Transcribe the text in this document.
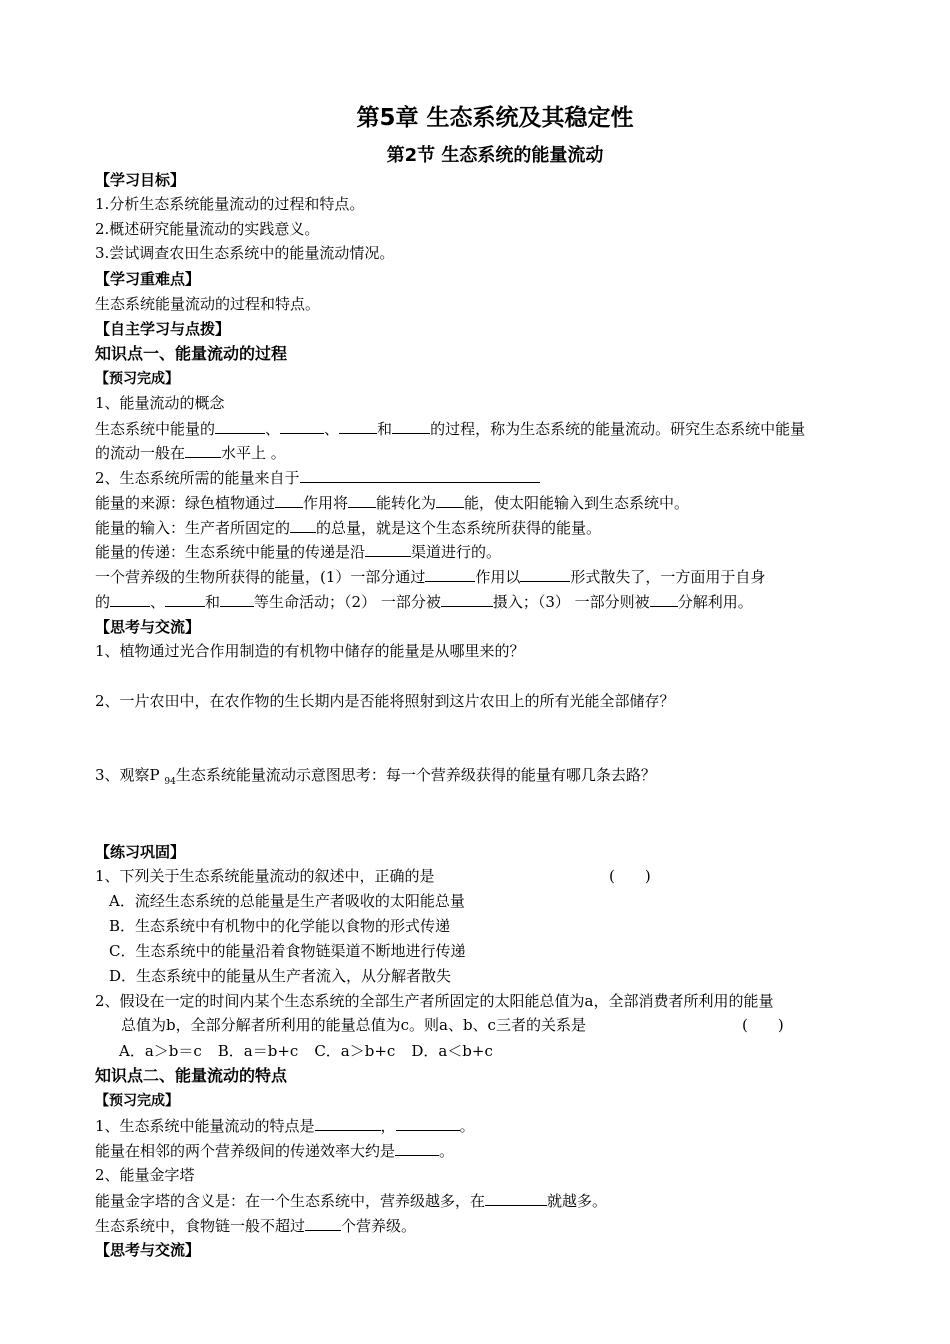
第5章 生态系统及其稳定性
第2节 生态系统的能量流动
【学习目标】
1.分析生态系统能量流动的过程和特点。
2.概述研究能量流动的实践意义。
3.尝试调查农田生态系统中的能量流动情况。
【学习重难点】
生态系统能量流动的过程和特点。
【自主学习与点拨】
知识点一、能量流动的过程
【预习完成】
1、能量流动的概念
生态系统中能量的	、	、	和	的过程，称为生态系统的能量流动。研究生态系统中能量
的流动一般在 水平上 。
2、生态系统所需的能量来自于
能量的来源：绿色植物通过 作用将 能转化为 能，使太阳能输入到生态系统中。
能量的输入：生产者所固定的 的总量，就是这个生态系统所获得的能量。
能量的传递：生态系统中能量的传递是沿	渠道进行的。
一个营养级的生物所获得的能量，(1）一部分通过	作用以	形式散失了，一方面用于自身
的	、	和 等生命活动；（2） 一部分被	摄入；（3） 一部分则被 分解利用。
【思考与交流】
1、植物通过光合作用制造的有机物中储存的能量是从哪里来的？
2、一片农田中，在农作物的生长期内是否能将照射到这片农田上的所有光能全部储存？
3、观察P $_{94}$生态系统能量流动示意图思考：每一个营养级获得的能量有哪几条去路？
【练习巩固】
1、下列关于生态系统能量流动的叙述中，正确的是	(　　)
A．流经生态系统的总能量是生产者吸收的太阳能总量
B．生态系统中有机物中的化学能以食物的形式传递
C．生态系统中的能量沿着食物链渠道不断地进行传递
D．生态系统中的能量从生产者流入，从分解者散失
2、假设在一定的时间内某个生态系统的全部生产者所固定的太阳能总值为a，全部消费者所利用的能量
总值为b，全部分解者所利用的能量总值为c。则a、b、c三者的关系是	(　　)
A．a＞b＝c B．a＝b+c C．a＞b+c D．a＜b+c
知识点二、能量流动的特点
【预习完成】
1、生态系统中能量流动的特点是	，	。
能量在相邻的两个营养级间的传递效率大约是	。
2、能量金字塔
能量金字塔的含义是：在一个生态系统中，营养级越多，在	就越多。
生态系统中，食物链一般不超过 个营养级。
【思考与交流】
